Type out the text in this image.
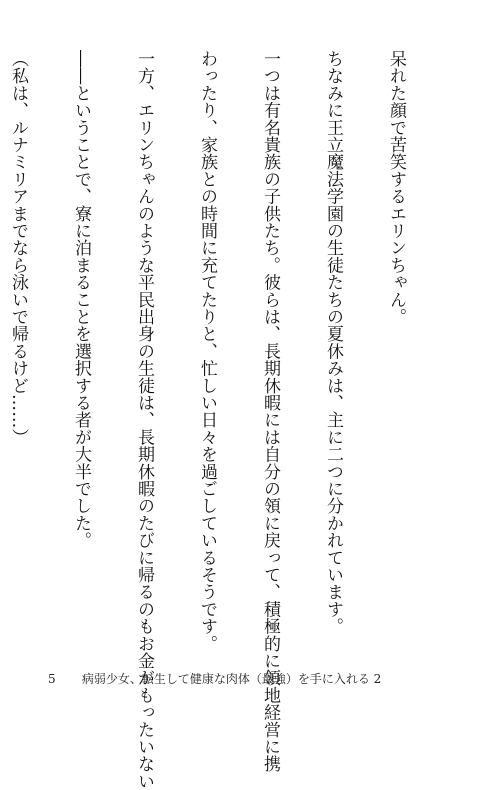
呆れた顔で苦笑するエリンちゃん。

ちなみに王立魔法学園の生徒たちの夏休みは、主に二つに分かれています。

一つは有名貴族の子供たち。彼らは、長期休暇には自分の領に戻って、積極的に領地経営に携

わったり、家族との時間に充てたりと、忙しい日々を過ごしているそうです。

一方、エリンちゃんのような平民出身の生徒は、長期休暇のたびに帰るのもお金がもったいない

――ということで、寮に泊まることを選択する者が大半でした。

（私は、ルナミリアまでなら泳いで帰るけど……）

5 病弱少女、転生して健康な肉体（最強）を手に入れる 2
